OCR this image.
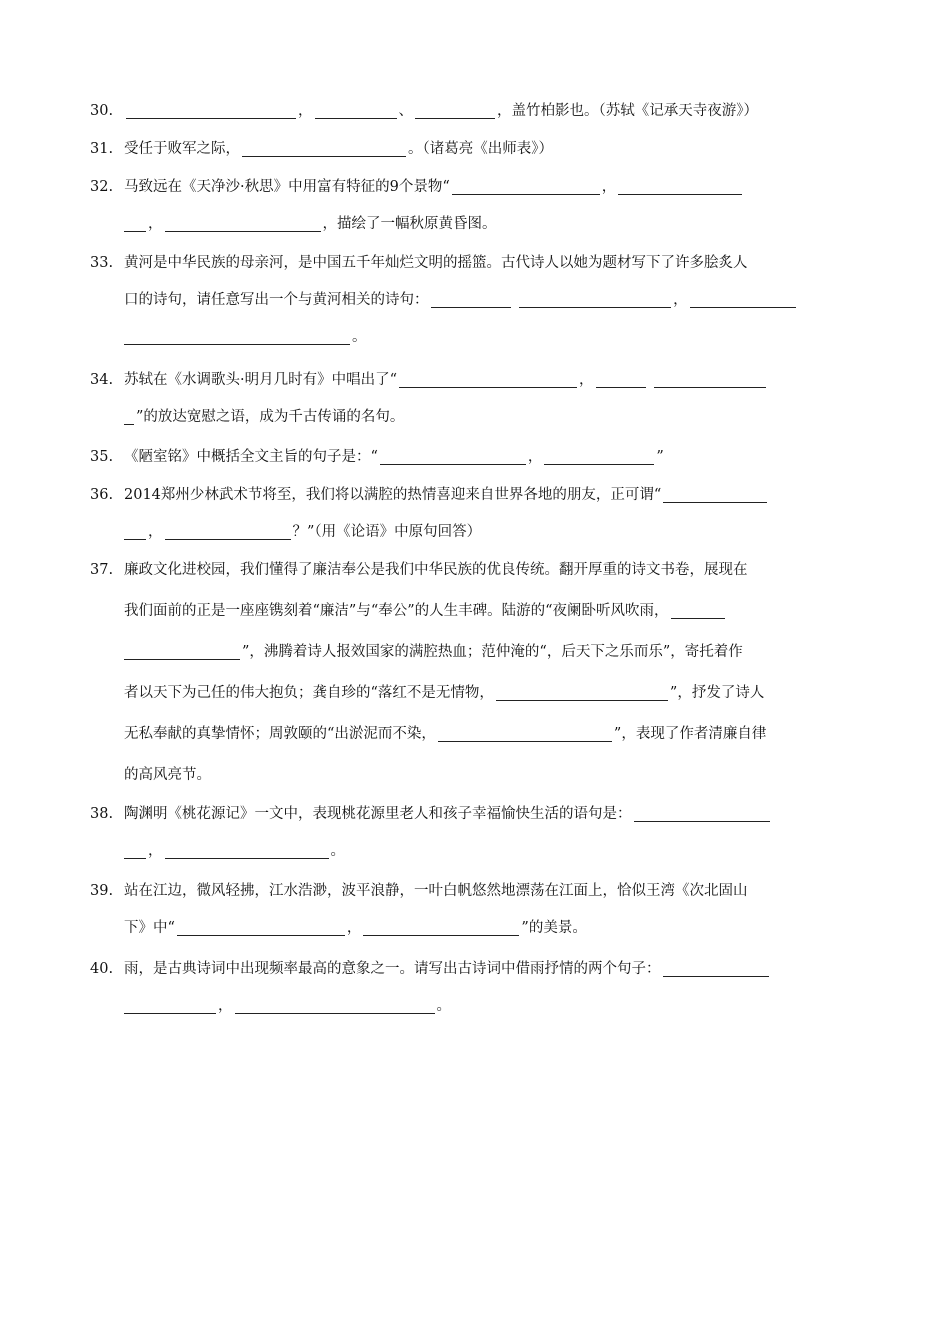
30.	，	、	，盖竹柏影也。（苏轼《记承天寺夜游》）
31. 受任于败军之际，	。（诸葛亮《出师表》）
32. 马致远在《天净沙·秋思》中用富有特征的9个景物“	，
，	，描绘了一幅秋原黄昏图。
33. 黄河是中华民族的母亲河，是中国五千年灿烂文明的摇篮。古代诗人以她为题材写下了许多脍炙人
口的诗句，请任意写出一个与黄河相关的诗句：	，
。
34. 苏轼在《水调歌头·明月几时有》中唱出了“	，
”的放达宽慰之语，成为千古传诵的名句。
35. 《陋室铭》中概括全文主旨的句子是：“	，	”
36. 2014郑州少林武术节将至，我们将以满腔的热情喜迎来自世界各地的朋友，正可谓“
，	？”（用《论语》中原句回答）
37. 廉政文化进校园，我们懂得了廉洁奉公是我们中华民族的优良传统。翻开厚重的诗文书卷，展现在
我们面前的正是一座座镌刻着“廉洁”与“奉公”的人生丰碑。陆游的“夜阑卧听风吹雨，
”，沸腾着诗人报效国家的满腔热血；范仲淹的“，后天下之乐而乐”，寄托着作
者以天下为己任的伟大抱负；龚自珍的“落红不是无情物，	”，抒发了诗人
无私奉献的真挚情怀；周敦颐的“出淤泥而不染，	”，表现了作者清廉自律
的高风亮节。
38. 陶渊明《桃花源记》一文中，表现桃花源里老人和孩子幸福愉快生活的语句是：
，	。
39. 站在江边，微风轻拂，江水浩渺，波平浪静，一叶白帆悠然地漂荡在江面上，恰似王湾《次北固山
下》中“	，	”的美景。
40. 雨，是古典诗词中出现频率最高的意象之一。请写出古诗词中借雨抒情的两个句子：
，	。
